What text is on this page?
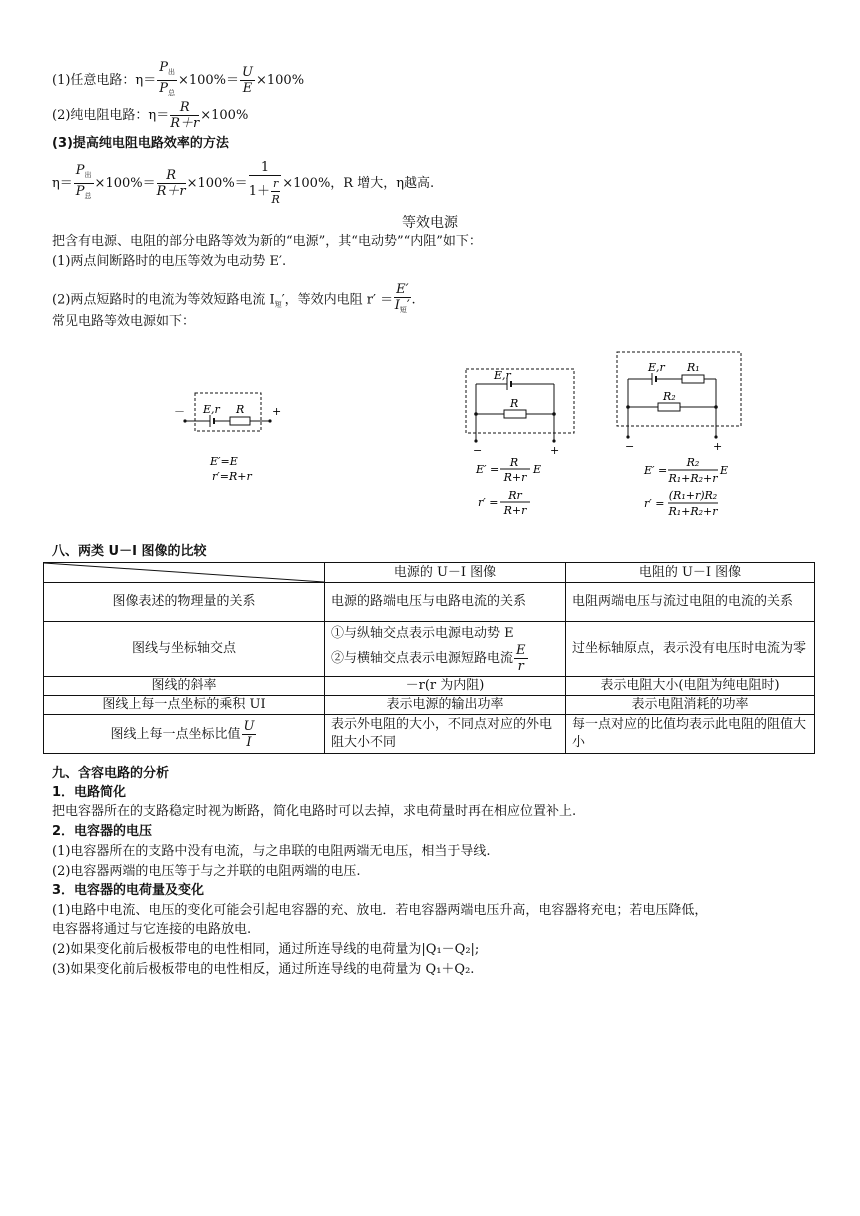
(1)任意电路：$\eta= \frac{P_出}{P_总} \times 100\%= \frac{U}{E} \times 100\%$
(2)纯电阻电路：$\eta= \frac{R}{R+r} \times 100\%$
(3)提高纯电阻电路效率的方法
$\eta= \frac{P_出}{P_总} \times 100\%= \frac{R}{R+r} \times 100\%= \frac{1}{1+ \frac{r}{R}} \times 100\%$，R 增大，η越高.
等效电源
把含有电源、电阻的部分电路等效为新的“电源”，其“电动势”“内阻”如下：
(1)两点间断路时的电压等效为电动势 E′.
(2)两点短路时的电流为等效短路电流 $I_短'$，等效内电阻 $r' = \frac{E'}{I_短'}$ .
常见电路等效电源如下：
E,r R
－	+
E′=E
r′=R+r
E,r
R
−	+
E′ =
R
R+r
E
r′ =
Rr
R+r
E,r R₁
R₂
−	+
E′ =
R₂
R₁+R₂+r
E
r′ =
(R₁+r)R₂
R₁+R₂+r
八、两类 U－I 图像的比较
	电源的 U－I 图像	电阻的 U－I 图像
图像表述的物理量的关系	电源的路端电压与电路电流的关系	电阻两端电压与流过电阻的电流的关系
图线与坐标轴交点	①与纵轴交点表示电源电动势 E
②与横轴交点表示电源短路电流 $\frac{E}{r}$	过坐标轴原点，表示没有电压时电流为零
图线的斜率	－r(r 为内阻)	表示电阻大小(电阻为纯电阻时)
图线上每一点坐标的乘积 UI	表示电源的输出功率	表示电阻消耗的功率
图线上每一点坐标比值 $\frac{U}{I}$	表示外电阻的大小，不同点对应的外电阻大小不同	每一点对应的比值均表示此电阻的阻值大小
九、含容电路的分析
1．电路简化
把电容器所在的支路稳定时视为断路，简化电路时可以去掉，求电荷量时再在相应位置补上.
2．电容器的电压
(1)电容器所在的支路中没有电流，与之串联的电阻两端无电压，相当于导线.
(2)电容器两端的电压等于与之并联的电阻两端的电压.
3．电容器的电荷量及变化
(1)电路中电流、电压的变化可能会引起电容器的充、放电．若电容器两端电压升高，电容器将充电；若电压降低，
电容器将通过与它连接的电路放电.
(2)如果变化前后极板带电的电性相同，通过所连导线的电荷量为|Q₁－Q₂|;
(3)如果变化前后极板带电的电性相反，通过所连导线的电荷量为 Q₁＋Q₂.
